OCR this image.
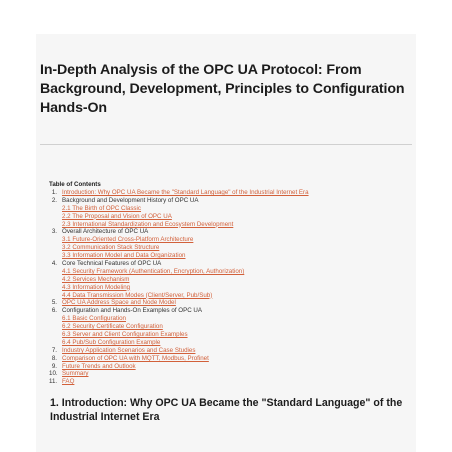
In-Depth Analysis of the OPC UA Protocol: From Background, Development, Principles to Configuration Hands-On
Table of Contents
1. Introduction: Why OPC UA Became the "Standard Language" of the Industrial Internet Era
2. Background and Development History of OPC UA
2.1 The Birth of OPC Classic
2.2 The Proposal and Vision of OPC UA
2.3 International Standardization and Ecosystem Development
3. Overall Architecture of OPC UA
3.1 Future-Oriented Cross-Platform Architecture
3.2 Communication Stack Structure
3.3 Information Model and Data Organization
4. Core Technical Features of OPC UA
4.1 Security Framework (Authentication, Encryption, Authorization)
4.2 Services Mechanism
4.3 Information Modeling
4.4 Data Transmission Modes (Client/Server, Pub/Sub)
5. OPC UA Address Space and Node Model
6. Configuration and Hands-On Examples of OPC UA
6.1 Basic Configuration
6.2 Security Certificate Configuration
6.3 Server and Client Configuration Examples
6.4 Pub/Sub Configuration Example
7. Industry Application Scenarios and Case Studies
8. Comparison of OPC UA with MQTT, Modbus, Profinet
9. Future Trends and Outlook
10. Summary
11. FAQ
1. Introduction: Why OPC UA Became the "Standard Language" of the Industrial Internet Era
